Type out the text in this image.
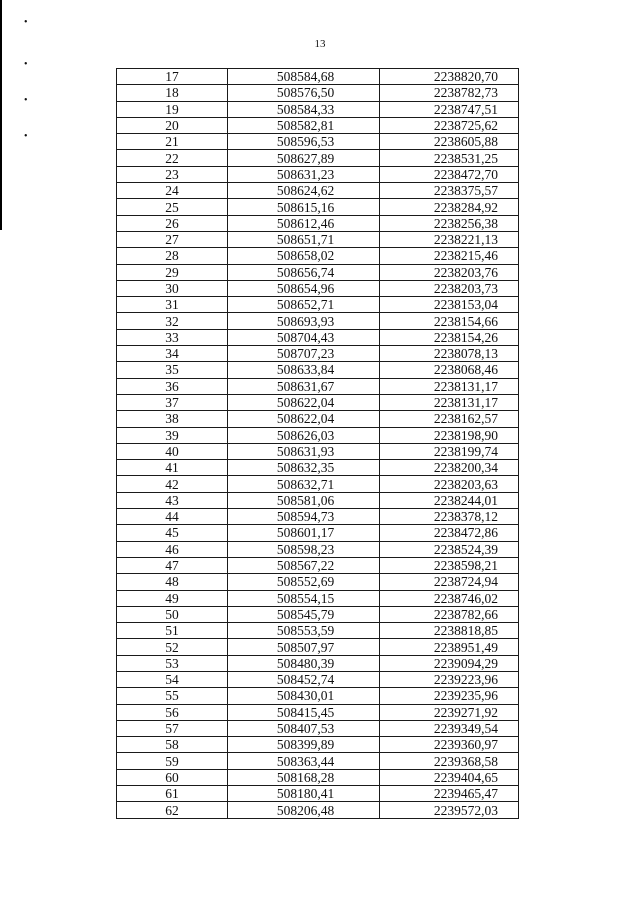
•
•
•
•
13
17	508584,68	2238820,70
18	508576,50	2238782,73
19	508584,33	2238747,51
20	508582,81	2238725,62
21	508596,53	2238605,88
22	508627,89	2238531,25
23	508631,23	2238472,70
24	508624,62	2238375,57
25	508615,16	2238284,92
26	508612,46	2238256,38
27	508651,71	2238221,13
28	508658,02	2238215,46
29	508656,74	2238203,76
30	508654,96	2238203,73
31	508652,71	2238153,04
32	508693,93	2238154,66
33	508704,43	2238154,26
34	508707,23	2238078,13
35	508633,84	2238068,46
36	508631,67	2238131,17
37	508622,04	2238131,17
38	508622,04	2238162,57
39	508626,03	2238198,90
40	508631,93	2238199,74
41	508632,35	2238200,34
42	508632,71	2238203,63
43	508581,06	2238244,01
44	508594,73	2238378,12
45	508601,17	2238472,86
46	508598,23	2238524,39
47	508567,22	2238598,21
48	508552,69	2238724,94
49	508554,15	2238746,02
50	508545,79	2238782,66
51	508553,59	2238818,85
52	508507,97	2238951,49
53	508480,39	2239094,29
54	508452,74	2239223,96
55	508430,01	2239235,96
56	508415,45	2239271,92
57	508407,53	2239349,54
58	508399,89	2239360,97
59	508363,44	2239368,58
60	508168,28	2239404,65
61	508180,41	2239465,47
62	508206,48	2239572,03
